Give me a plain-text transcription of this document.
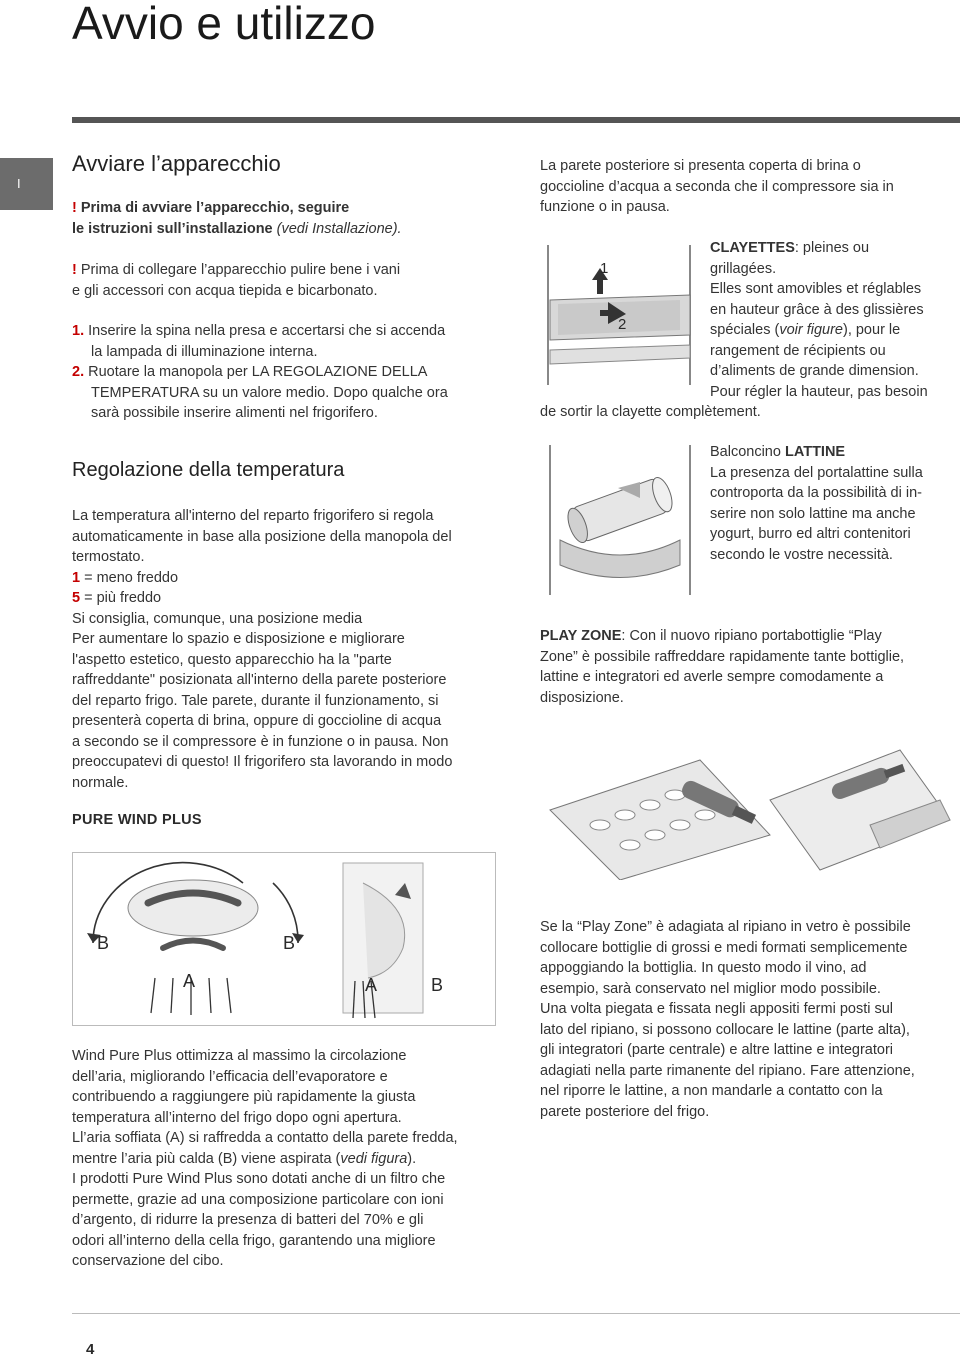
Avvio e utilizzo
I
Avviare l’apparecchio
! Prima di avviare l’apparecchio, seguire
le istruzioni sull’installazione (vedi Installazione).
! Prima di collegare l’apparecchio pulire bene i vani
e gli accessori con acqua tiepida e bicarbonato.
1. Inserire la spina nella presa e accertarsi che si accenda
la lampada di illuminazione interna.
2. Ruotare la manopola per LA REGOLAZIONE DELLA
TEMPERATURA su un valore medio. Dopo qualche ora
sarà possibile inserire alimenti nel frigorifero.
Regolazione della temperatura
La temperatura all'interno del reparto frigorifero si regola
automaticamente in base alla posizione della manopola del
termostato.
1 = meno freddo
5 = più freddo
Si consiglia, comunque, una posizione media
Per aumentare lo spazio e disposizione e migliorare
l'aspetto estetico, questo apparecchio ha la "parte
raffreddante" posizionata all'interno della parete posteriore
del reparto frigo. Tale parete, durante il funzionamento, si
presenterà coperta di brina, oppure di goccioline di acqua
a secondo se il compressore è in funzione o in pausa. Non
preoccupatevi di questo! Il frigorifero sta lavorando in modo
normale.
PURE WIND PLUS
B	B
A	A	B
Wind Pure Plus ottimizza al massimo la circolazione
dell’aria, migliorando l’efficacia dell’evaporatore e
contribuendo a raggiungere più rapidamente la giusta
temperatura all’interno del frigo dopo ogni apertura.
Ll’aria soffiata (A) si raffredda a contatto della parete fredda,
mentre l’aria più calda (B) viene aspirata (vedi figura).
I prodotti Pure Wind Plus sono dotati anche di un filtro che
permette, grazie ad una composizione particolare con ioni
d’argento, di ridurre la presenza di batteri del 70% e gli
odori all’interno della cella frigo, garantendo una migliore
conservazione del cibo.
La parete posteriore si presenta coperta di brina o
goccioline d’acqua a seconda che il compressore sia in
funzione o in pausa.
1
2
CLAYETTES: pleines ou
grillagées.
Elles sont amovibles et réglables
en hauteur grâce à des glissières
spéciales (voir figure), pour le
rangement de récipients ou
d’aliments de grande dimension.
Pour régler la hauteur, pas besoin
de sortir la clayette complètement.
Balconcino LATTINE
La presenza del portalattine sulla
controporta da la possibilità di in-
serire non solo lattine ma anche
yogurt, burro ed altri contenitori
secondo le vostre necessità.
PLAY ZONE: Con il nuovo ripiano portabottiglie “Play
Zone” è possibile raffreddare rapidamente tante bottiglie,
lattine e integratori ed averle sempre comodamente a
disposizione.
Se la “Play Zone” è adagiata al ripiano in vetro è possibile
collocare bottiglie di grossi e medi formati semplicemente
appoggiando la bottiglia. In questo modo il vino, ad
esempio, sarà conservato nel miglior modo possibile.
Una volta piegata e fissata negli appositi fermi posti sul
lato del ripiano, si possono collocare le lattine (parte alta),
gli integratori (parte centrale) e altre lattine e integratori
adagiati nella parte rimanente del ripiano. Fare attenzione,
nel riporre le lattine, a non mandarle a contatto con la
parete posteriore del frigo.
4
